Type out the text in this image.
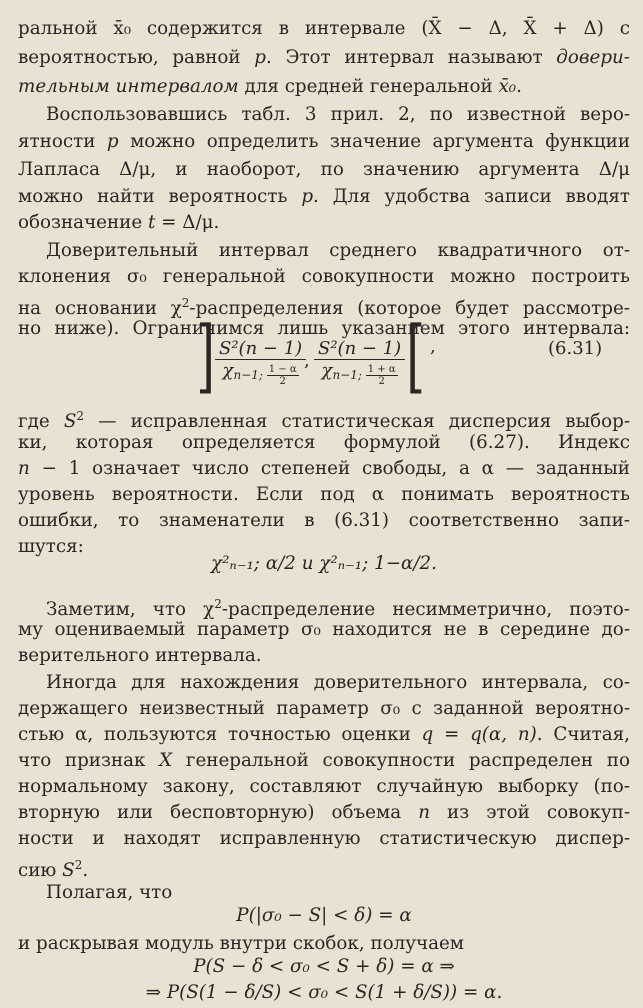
ральной x̄₀ содержится в интервале (X̄ − Δ, X̄ + Δ) с
вероятностью, равной p. Этот интервал называют довери-
тельным интервалом для средней генеральной x̄₀.
Воспользовавшись табл. 3 прил. 2, по известной веро-
ятности p можно определить значение аргумента функции
Лапласа Δ/μ, и наоборот, по значению аргумента Δ/μ
можно найти вероятность p. Для удобства записи вводят
обозначение t = Δ/μ.
Доверительный интервал среднего квадратичного от-
клонения σ₀ генеральной совокупности можно построить
на основании $\chi^2$-распределения (которое будет рассмотре-
но ниже). Ограничимся лишь указанием этого интервала:
] S²(n − 1)
$\chi_{n-1; \frac{1 - \alpha}{2}}$
, S²(n − 1)
$\chi_{n-1; \frac{1 + \alpha}{2}}$ [ ,	(6.31)
где $S^2$ — исправленная статистическая дисперсия выбор-
ки, которая определяется формулой (6.27). Индекс
n − 1 означает число степеней свободы, а α — заданный
уровень вероятности. Если под α понимать вероятность
ошибки, то знаменатели в (6.31) соответственно запи-
шутся:
χ²ₙ₋₁; α/2 и χ²ₙ₋₁; 1−α/2.
Заметим, что $\chi^2$-распределение несимметрично, поэто-
му оцениваемый параметр σ₀ находится не в середине до-
верительного интервала.
Иногда для нахождения доверительного интервала, со-
держащего неизвестный параметр σ₀ с заданной вероятно-
стью α, пользуются точностью оценки q = q(α, n). Считая,
что признак X генеральной совокупности распределен по
нормальному закону, составляют случайную выборку (по-
вторную или бесповторную) объема n из этой совокуп-
ности и находят исправленную статистическую диспер-
сию $S^2$.
Полагая, что
P(|σ₀ − S| < δ) = α
и раскрывая модуль внутри скобок, получаем
P(S − δ < σ₀ < S + δ) = α ⇒
⇒ P(S(1 − δ/S) < σ₀ < S(1 + δ/S)) = α.
